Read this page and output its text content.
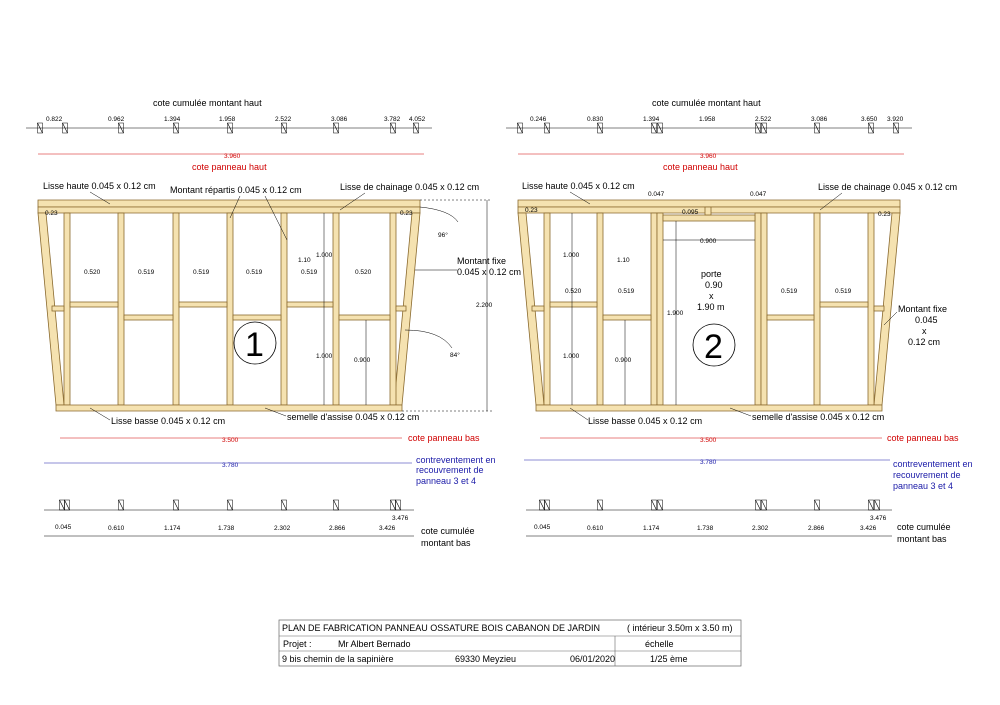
cote cumulée montant haut
0.822	0.962	1.394	1.958	2.522	3.086	3.782 4.052
3.960
cote panneau haut
0.23	0.23
0.520	0.519	0.519	0.519	0.519	0.520
1.000
1.10
1.000
0.900
1
2.200
96°
84°
Lisse haute 0.045 x 0.12 cm Montant répartis 0.045 x 0.12 cm	Lisse de chainage 0.045 x 0.12 cm
Montant fixe
0.045 x 0.12 cm
Lisse basse 0.045 x 0.12 cm	semelle d'assise 0.045 x 0.12 cm
3.500	cote panneau bas
3.780
contreventement en
recouvrement de
panneau 3 et 4
0.045	0.610	1.174	1.738	2.302	2.866	3.426
3.476
cote cumulée
montant bas
cote cumulée montant haut
0.246	0.830	1.394	1.958	2.522	3.086	3.650 3.920
3.960
cote panneau haut
0.23
0.23
0.047	0.047
0.095
0.900
0.520	0.519	0.519	0.519
1.000
1.10
1.000
0.900
1.900
porte
0.90
x
1.90 m
2
Lisse haute 0.045 x 0.12 cm	Lisse de chainage 0.045 x 0.12 cm
Montant fixe
0.045
x
0.12 cm
Lisse basse 0.045 x 0.12 cm	semelle d'assise 0.045 x 0.12 cm
3.500	cote panneau bas
3.780	contreventement en
recouvrement de
panneau 3 et 4
0.045	0.610	1.174	1.738	2.302	2.866	3.426
3.476
cote cumulée
montant bas
PLAN DE FABRICATION PANNEAU OSSATURE BOIS CABANON DE JARDIN	( intérieur 3.50m x 3.50 m)
Projet :	Mr Albert Bernado	échelle
9 bis chemin de la sapinière	69330 Meyzieu	06/01/2020	1/25 ème
